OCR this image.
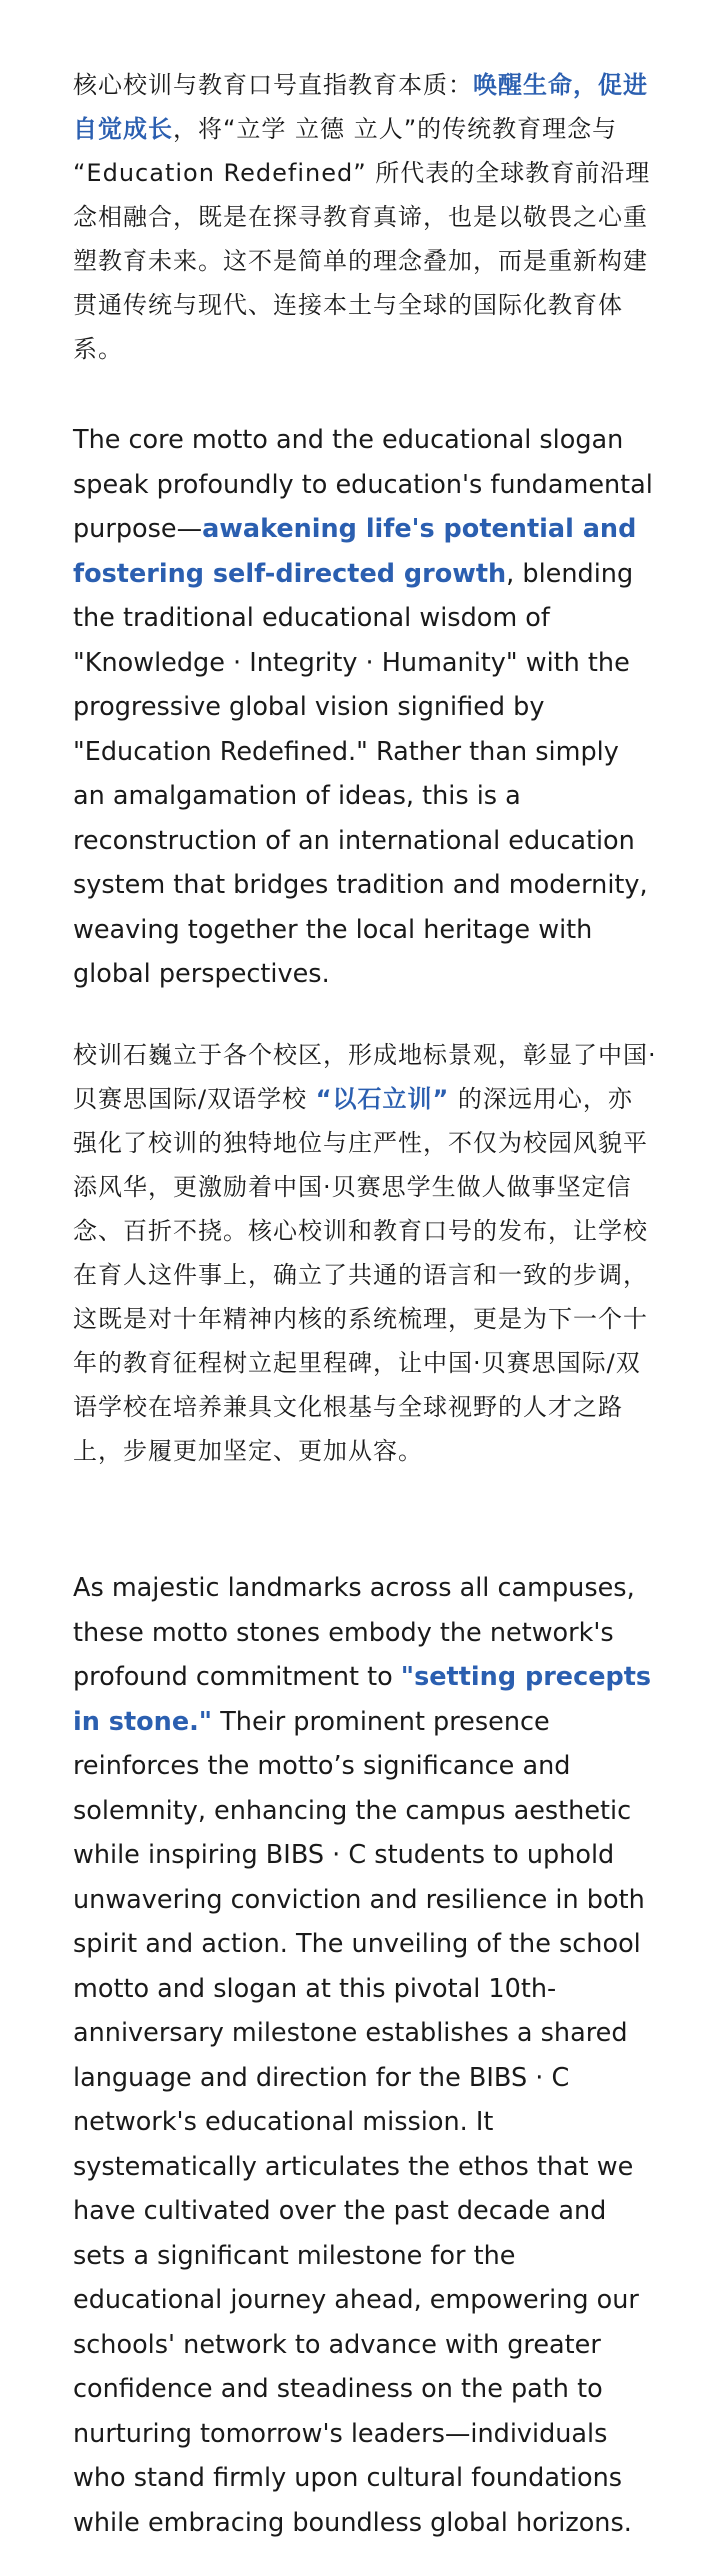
核心校训与教育口号直指教育本质：唤醒生命，促进自觉成长，将“立学 立德 立人”的传统教育理念与 “Education Redefined” 所代表的全球教育前沿理念相融合，既是在探寻教育真谛，也是以敬畏之心重塑教育未来。这不是简单的理念叠加，而是重新构建贯通传统与现代、连接本土与全球的国际化教育体系。

The core motto and the educational slogan speak profoundly to education's fundamental purpose—awakening life's potential and fostering self-directed growth, blending the traditional educational wisdom of "Knowledge · Integrity · Humanity" with the progressive global vision signified by "Education Redefined." Rather than simply an amalgamation of ideas, this is a reconstruction of an international education system that bridges tradition and modernity, weaving together the local heritage with global perspectives.

校训石巍立于各个校区，形成地标景观，彰显了中国·贝赛思国际/双语学校 “以石立训” 的深远用心，亦强化了校训的独特地位与庄严性，不仅为校园风貌平添风华，更激励着中国·贝赛思学生做人做事坚定信念、百折不挠。核心校训和教育口号的发布，让学校在育人这件事上，确立了共通的语言和一致的步调，这既是对十年精神内核的系统梳理，更是为下一个十年的教育征程树立起里程碑，让中国·贝赛思国际/双语学校在培养兼具文化根基与全球视野的人才之路上，步履更加坚定、更加从容。

As majestic landmarks across all campuses, these motto stones embody the network's profound commitment to "setting precepts in stone." Their prominent presence reinforces the motto’s significance and solemnity, enhancing the campus aesthetic while inspiring BIBS · C students to uphold unwavering conviction and resilience in both spirit and action. The unveiling of the school motto and slogan at this pivotal 10th-anniversary milestone establishes a shared language and direction for the BIBS · C network's educational mission. It systematically articulates the ethos that we have cultivated over the past decade and sets a significant milestone for the educational journey ahead, empowering our schools' network to advance with greater confidence and steadiness on the path to nurturing tomorrow's leaders—individuals who stand firmly upon cultural foundations while embracing boundless global horizons.
